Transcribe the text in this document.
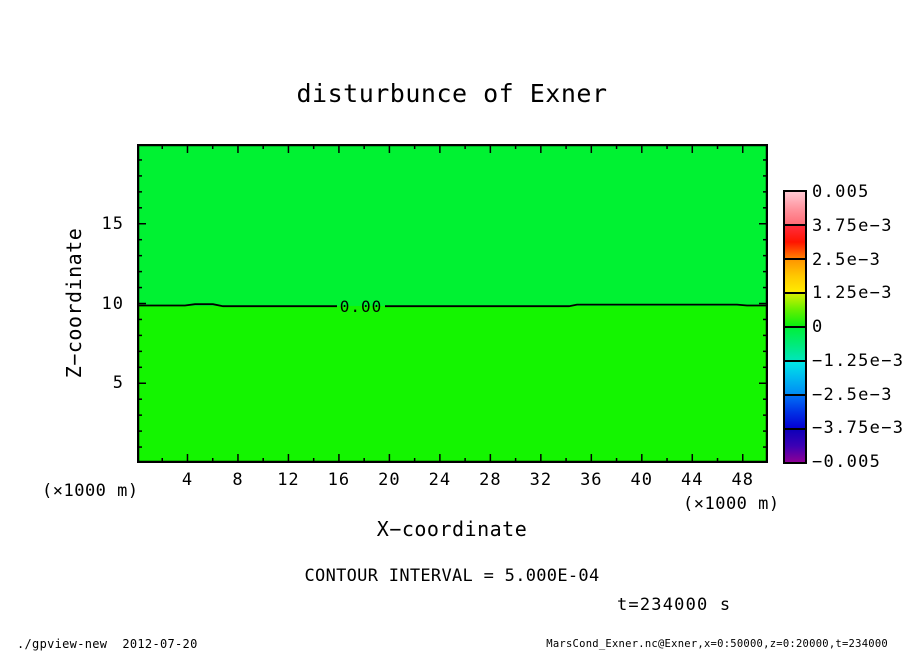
disturbunce of Exner
0.00
4 8 12 16 20 24 28 32 36 40 44 48
5
10
15
(×1000 m)
(×1000 m)
X−coordinate
Z−coordinate
CONTOUR INTERVAL = 5.000E-04
t=234000 s
0.005
3.75e−3
2.5e−3
1.25e−3
0
−1.25e−3
−2.5e−3
−3.75e−3
−0.005
./gpview-new  2012-07-20	MarsCond_Exner.nc@Exner,x=0:50000,z=0:20000,t=234000
